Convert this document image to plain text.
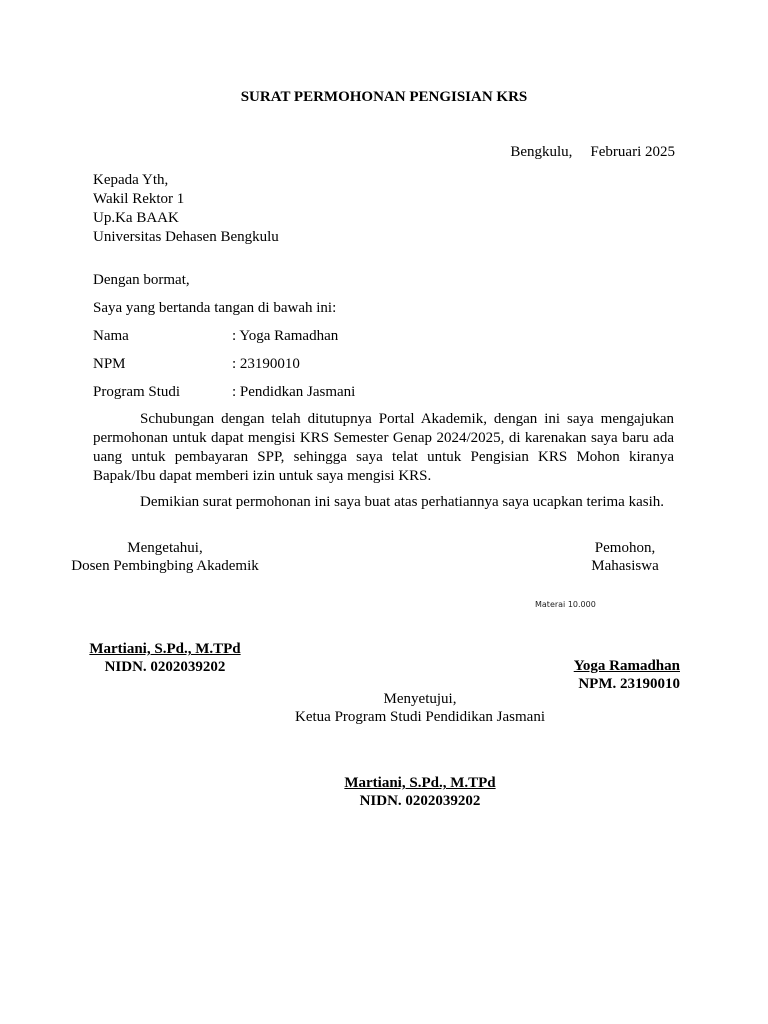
SURAT PERMOHONAN PENGISIAN KRS
Bengkulu, Februari 2025
Kepada Yth,
Wakil Rektor 1
Up.Ka BAAK
Universitas Dehasen Bengkulu
Dengan bormat,
Saya yang bertanda tangan di bawah ini:
Nama	: Yoga Ramadhan
NPM	: 23190010
Program Studi	: Pendidkan Jasmani
Schubungan dengan telah ditutupnya Portal Akademik, dengan ini saya mengajukan permohonan untuk dapat mengisi KRS Semester Genap 2024/2025, di karenakan saya baru ada uang untuk pembayaran SPP, sehingga saya telat untuk Pengisian KRS Mohon kiranya Bapak/Ibu dapat memberi izin untuk saya mengisi KRS.
Demikian surat permohonan ini saya buat atas perhatiannya saya ucapkan terima kasih.
Mengetahui,
Dosen Pembingbing Akademik
Martiani, S.Pd., M.TPd
NIDN. 0202039202
Pemohon,
Mahasiswa
Materai 10.000
Yoga Ramadhan
NPM. 23190010
Menyetujui,
Ketua Program Studi Pendidikan Jasmani
Martiani, S.Pd., M.TPd
NIDN. 0202039202
